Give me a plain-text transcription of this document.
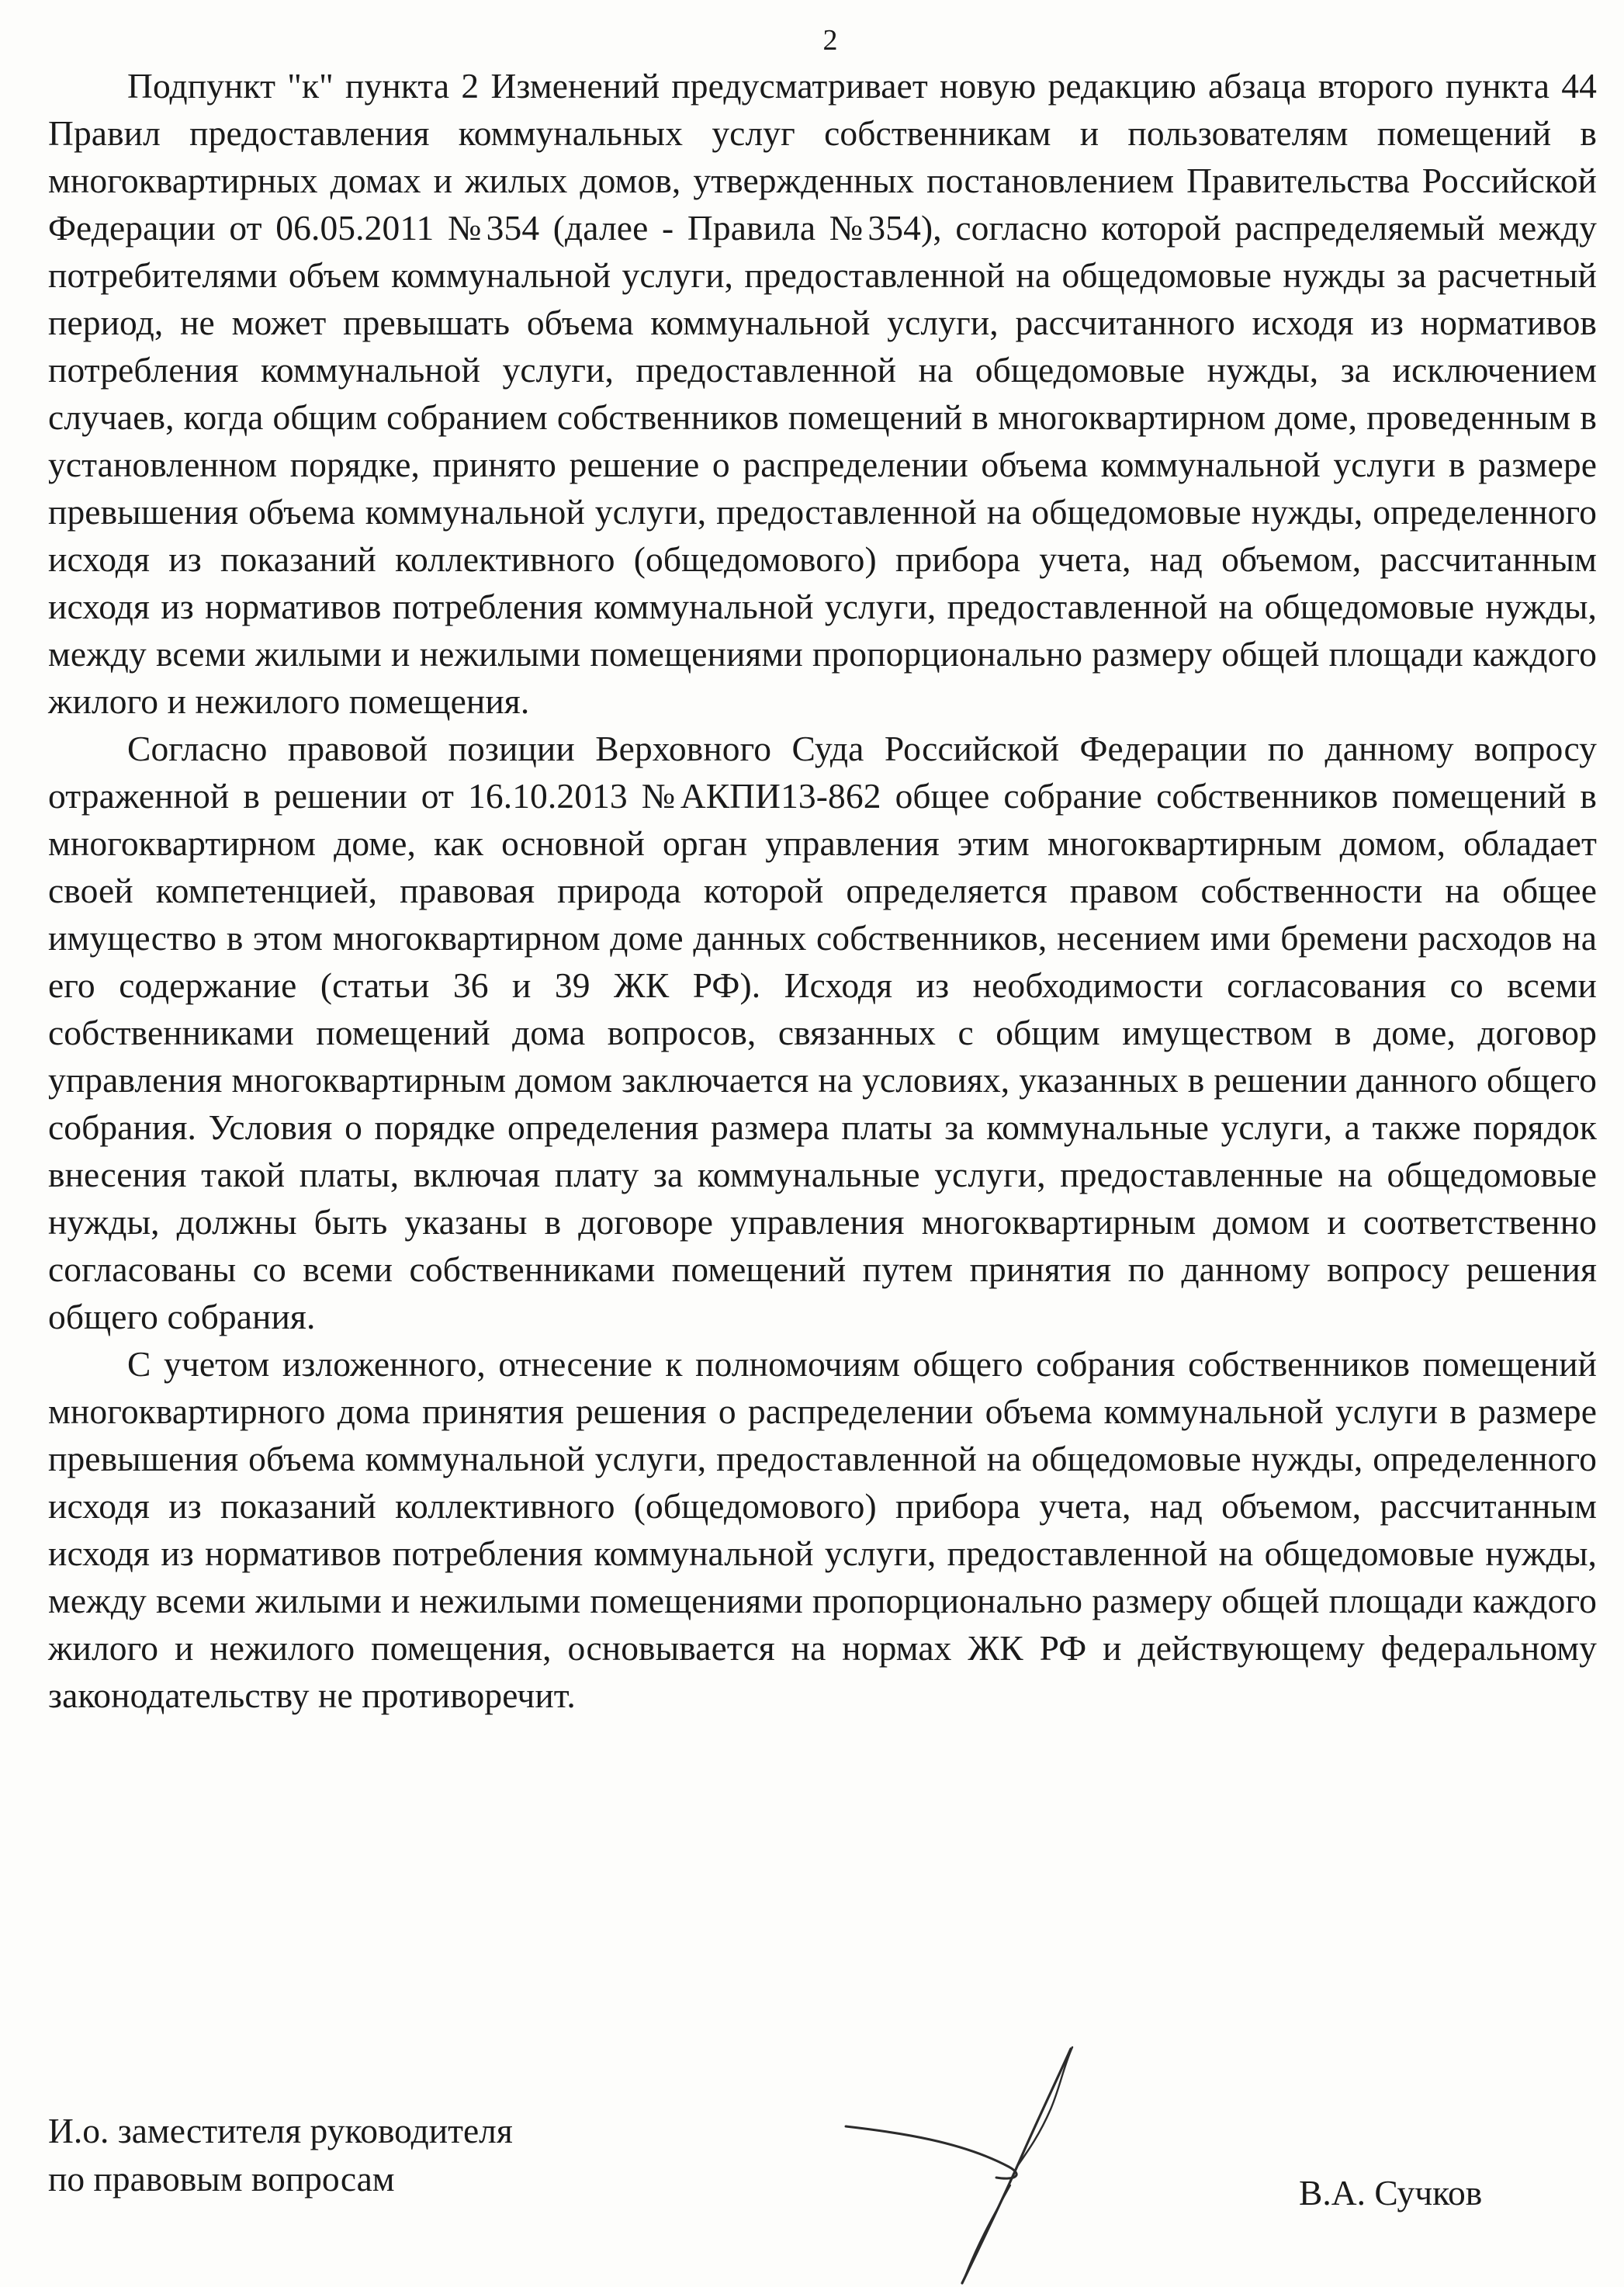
2

Подпункт "к" пункта 2 Изменений предусматривает новую редакцию абзаца второго пункта 44 Правил предоставления коммунальных услуг собственникам и пользователям помещений в многоквартирных домах и жилых домов, утвержденных постановлением Правительства Российской Федерации от 06.05.2011 №354 (далее - Правила №354), согласно которой распределяемый между потребителями объем коммунальной услуги, предоставленной на общедомовые нужды за расчетный период, не может превышать объема коммунальной услуги, рассчитанного исходя из нормативов потребления коммунальной услуги, предоставленной на общедомовые нужды, за исключением случаев, когда общим собранием собственников помещений в многоквартирном доме, проведенным в установленном порядке, принято решение о распределении объема коммунальной услуги в размере превышения объема коммунальной услуги, предоставленной на общедомовые нужды, определенного исходя из показаний коллективного (общедомового) прибора учета, над объемом, рассчитанным исходя из нормативов потребления коммунальной услуги, предоставленной на общедомовые нужды, между всеми жилыми и нежилыми помещениями пропорционально размеру общей площади каждого жилого и нежилого помещения.

Согласно правовой позиции Верховного Суда Российской Федерации по данному вопросу отраженной в решении от 16.10.2013 №АКПИ13-862 общее собрание собственников помещений в многоквартирном доме, как основной орган управления этим многоквартирным домом, обладает своей компетенцией, правовая природа которой определяется правом собственности на общее имущество в этом многоквартирном доме данных собственников, несением ими бремени расходов на его содержание (статьи 36 и 39 ЖК РФ). Исходя из необходимости согласования со всеми собственниками помещений дома вопросов, связанных с общим имуществом в доме, договор управления многоквартирным домом заключается на условиях, указанных в решении данного общего собрания. Условия о порядке определения размера платы за коммунальные услуги, а также порядок внесения такой платы, включая плату за коммунальные услуги, предоставленные на общедомовые нужды, должны быть указаны в договоре управления многоквартирным домом и соответственно согласованы со всеми собственниками помещений путем принятия по данному вопросу решения общего собрания.

С учетом изложенного, отнесение к полномочиям общего собрания собственников помещений многоквартирного дома принятия решения о распределении объема коммунальной услуги в размере превышения объема коммунальной услуги, предоставленной на общедомовые нужды, определенного исходя из показаний коллективного (общедомового) прибора учета, над объемом, рассчитанным исходя из нормативов потребления коммунальной услуги, предоставленной на общедомовые нужды, между всеми жилыми и нежилыми помещениями пропорционально размеру общей площади каждого жилого и нежилого помещения, основывается на нормах ЖК РФ и действующему федеральному законодательству не противоречит.

И.о. заместителя руководителя
по правовым вопросам	В.А. Сучков
